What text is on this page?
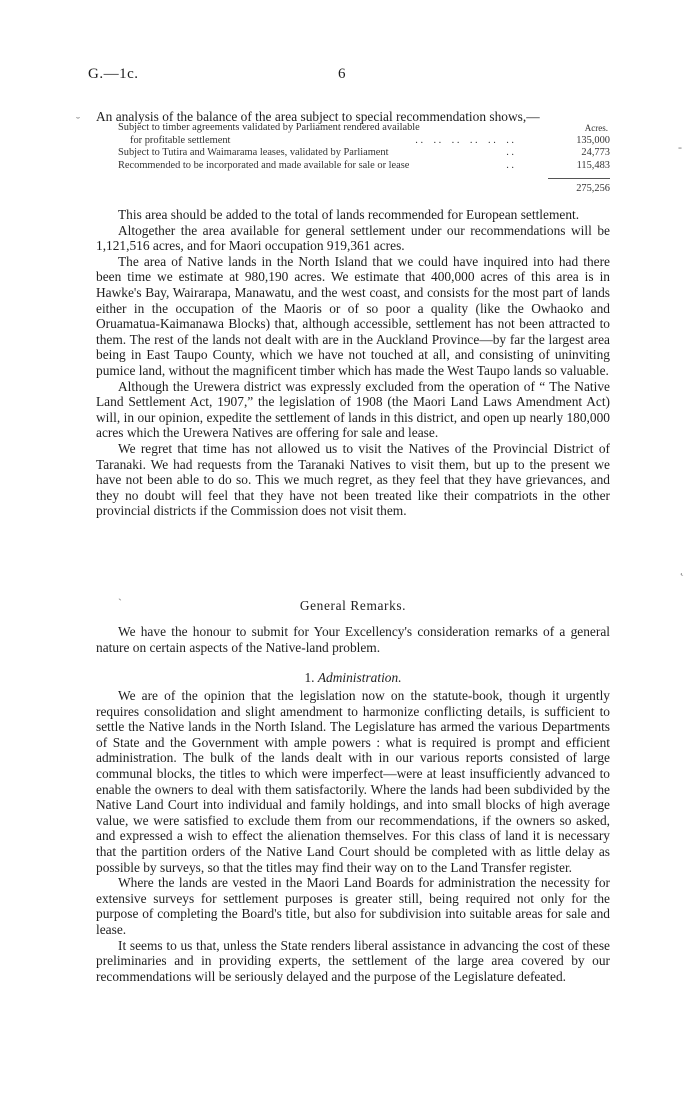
G.—1c.	6

An analysis of the balance of the area subject to special recommendation shows,—

Acres.
Subject to timber agreements validated by Parliament rendered available
for profitable settlement	. .    . .    . .    . .    . .    . .	135,000
Subject to Tutira and Waimarama leases, validated by Parliament	. .	24,773
Recommended to be incorporated and made available for sale or lease	. .	115,483
275,256

This area should be added to the total of lands recommended for European settlement.

Altogether the area available for general settlement under our recommendations will be 1,121,516 acres, and for Maori occupation 919,361 acres.

The area of Native lands in the North Island that we could have inquired into had there been time we estimate at 980,190 acres. We estimate that 400,000 acres of this area is in Hawke's Bay, Wairarapa, Manawatu, and the west coast, and consists for the most part of lands either in the occupation of the Maoris or of so poor a quality (like the Owhaoko and Oruamatua-Kaimanawa Blocks) that, although accessible, settlement has not been attracted to them. The rest of the lands not dealt with are in the Auckland Province—by far the largest area being in East Taupo County, which we have not touched at all, and consisting of uninviting pumice land, without the magnificent timber which has made the West Taupo lands so valuable.

Although the Urewera district was expressly excluded from the operation of “ The Native Land Settlement Act, 1907,” the legislation of 1908 (the Maori Land Laws Amendment Act) will, in our opinion, expedite the settlement of lands in this district, and open up nearly 180,000 acres which the Urewera Natives are offering for sale and lease.

We regret that time has not allowed us to visit the Natives of the Provincial District of Taranaki. We had requests from the Taranaki Natives to visit them, but up to the present we have not been able to do so. This we much regret, as they feel that they have grievances, and they no doubt will feel that they have not been treated like their compatriots in the other provincial districts if the Commission does not visit them.

General Remarks.

We have the honour to submit for Your Excellency's consideration remarks of a general nature on certain aspects of the Native-land problem.

1. Administration.

We are of the opinion that the legislation now on the statute-book, though it urgently requires consolidation and slight amendment to harmonize conflicting details, is sufficient to settle the Native lands in the North Island. The Legislature has armed the various Departments of State and the Government with ample powers : what is required is prompt and efficient administration. The bulk of the lands dealt with in our various reports consisted of large communal blocks, the titles to which were imperfect—were at least insufficiently advanced to enable the owners to deal with them satisfactorily. Where the lands had been subdivided by the Native Land Court into individual and family holdings, and into small blocks of high average value, we were satisfied to exclude them from our recommendations, if the owners so asked, and expressed a wish to effect the alienation themselves. For this class of land it is necessary that the partition orders of the Native Land Court should be completed with as little delay as possible by surveys, so that the titles may find their way on to the Land Transfer register.

Where the lands are vested in the Maori Land Boards for administration the necessity for extensive surveys for settlement purposes is greater still, being required not only for the purpose of completing the Board's title, but also for subdivision into suitable areas for sale and lease.

It seems to us that, unless the State renders liberal assistance in advancing the cost of these preliminaries and in providing experts, the settlement of the large area covered by our recommendations will be seriously delayed and the purpose of the Legislature defeated.

˘
-
˛
ˋ
